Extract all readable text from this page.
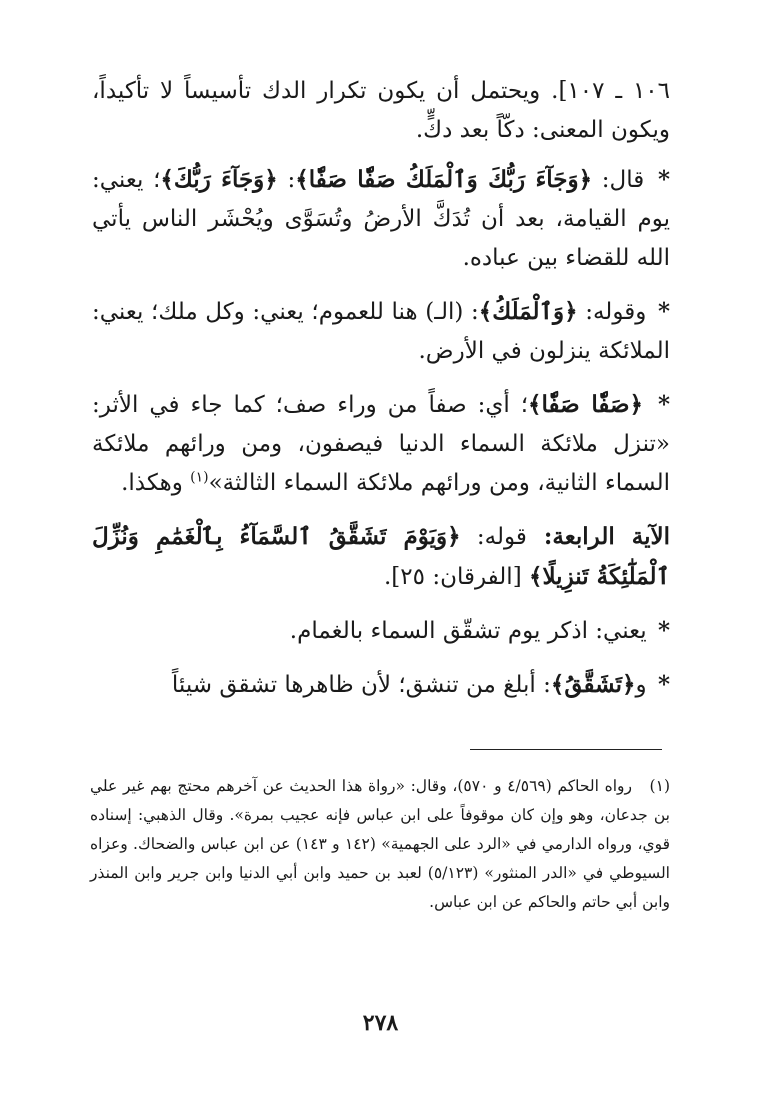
١٠٦ ـ ١٠٧]. ويحتمل أن يكون تكرار الدك تأسيساً لا تأكيداً، ويكون المعنى: دكّاً بعد دكٍّ.

* قال: ﴿وَجَآءَ رَبُّكَ وَٱلْمَلَكُ صَفّٗا صَفّٗا﴾: ﴿وَجَآءَ رَبُّكَ﴾؛ يعني: يوم القيامة، بعد أن تُدَكَّ الأرضُ وتُسَوَّى ويُحْشَر الناس يأتي الله للقضاء بين عباده.

* وقوله: ﴿وَٱلْمَلَكُ﴾: (الـ) هنا للعموم؛ يعني: وكل ملك؛ يعني: الملائكة ينزلون في الأرض.

* ﴿صَفّٗا صَفّٗا﴾؛ أي: صفاً من وراء صف؛ كما جاء في الأثر: «تنزل ملائكة السماء الدنيا فيصفون، ومن ورائهم ملائكة السماء الثانية، ومن ورائهم ملائكة السماء الثالثة»$^{(١)}$ وهكذا.

الآية الرابعة: قوله: ﴿وَيَوْمَ تَشَقَّقُ ٱلسَّمَآءُ بِٱلْغَمَٰمِ وَنُزِّلَ ٱلْمَلَٰٓئِكَةُ تَنزِيلًا﴾ [الفرقان: ٢٥].

* يعني: اذكر يوم تشقّق السماء بالغمام.

* و﴿تَشَقَّقُ﴾: أبلغ من تنشق؛ لأن ظاهرها تشقق شيئاً

(١)رواه الحاكم (٤/٥٦٩ و ٥٧٠)، وقال: «رواة هذا الحديث عن آخرهم محتج بهم غير علي بن جدعان، وهو وإن كان موقوفاً على ابن عباس فإنه عجيب بمرة». وقال الذهبي: إسناده قوي، ورواه الدارمي في «الرد على الجهمية» (١٤٢ و ١٤٣) عن ابن عباس والضحاك. وعزاه السيوطي في «الدر المنثور» (٥/١٢٣) لعبد بن حميد وابن أبي الدنيا وابن جرير وابن المنذر وابن أبي حاتم والحاكم عن ابن عباس.
٢٧٨
